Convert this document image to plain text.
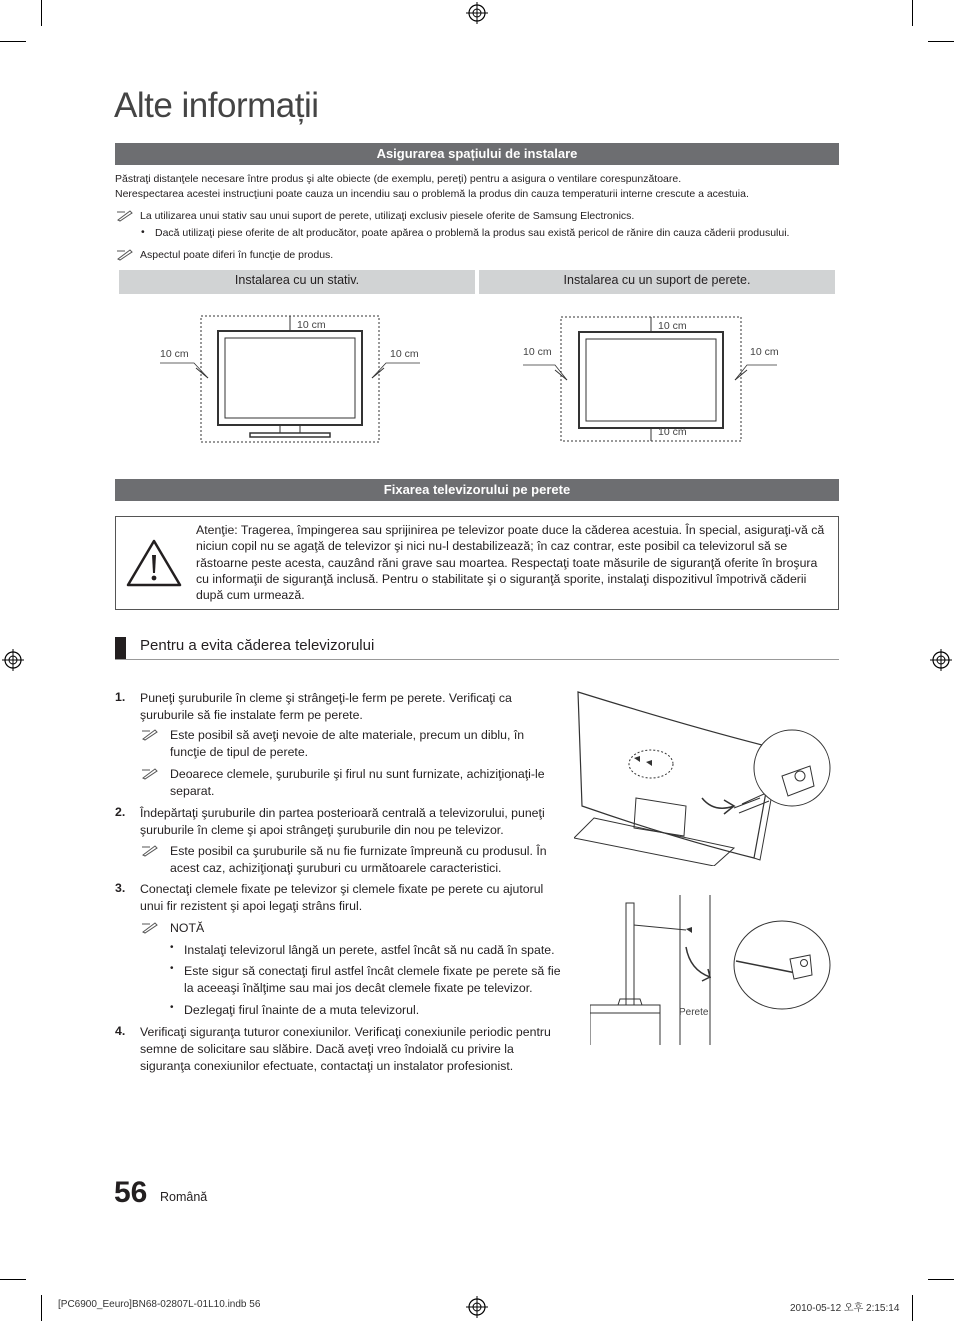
Alte informații
Asigurarea spațiului de instalare
Păstraţi distanţele necesare între produs şi alte obiecte (de exemplu, pereţi) pentru a asigura o ventilare corespunzătoare.
Nerespectarea acestei instrucţiuni poate cauza un incendiu sau o problemă la produs din cauza temperaturii interne crescute a acestuia.
La utilizarea unui stativ sau unui suport de perete, utilizaţi exclusiv piesele oferite de Samsung Electronics.
• Dacă utilizaţi piese oferite de alt producător, poate apărea o problemă la produs sau există pericol de rănire din cauza căderii produsului.
Aspectul poate diferi în funcţie de produs.
Instalarea cu un stativ.	Instalarea cu un suport de perete.
10 cm
10 cm	10 cm
10 cm
10 cm
10 cm	10 cm
Fixarea televizorului pe perete
Atenţie: Tragerea, împingerea sau sprijinirea pe televizor poate duce la căderea acestuia. În special, asiguraţi-vă că niciun copil nu se agaţă de televizor şi nici nu-l destabilizează; în caz contrar, este posibil ca televizorul să se răstoarne peste acesta, cauzând răni grave sau moartea. Respectaţi toate măsurile de siguranţă oferite în broşura cu informaţii de siguranţă inclusă. Pentru o stabilitate şi o siguranţă sporite, instalaţi dispozitivul împotrivă căderii după cum urmează.
Pentru a evita căderea televizorului
1. Puneţi şuruburile în cleme şi strângeţi-le ferm pe perete. Verificaţi ca şuruburile să fie instalate ferm pe perete.
Este posibil să aveţi nevoie de alte materiale, precum un diblu, în funcţie de tipul de perete.
Deoarece clemele, şuruburile şi firul nu sunt furnizate, achiziţionaţi-le separat.
2. Îndepărtaţi şuruburile din partea posterioară centrală a televizorului, puneţi şuruburile în cleme şi apoi strângeţi şuruburile din nou pe televizor.
Este posibil ca şuruburile să nu fie furnizate împreună cu produsul. În acest caz, achiziţionaţi şuruburi cu următoarele caracteristici.
3. Conectaţi clemele fixate pe televizor şi clemele fixate pe perete cu ajutorul unui fir rezistent şi apoi legaţi strâns firul.
NOTĂ
• Instalaţi televizorul lângă un perete, astfel încât să nu cadă în spate.
• Este sigur să conectaţi firul astfel încât clemele fixate pe perete să fie la aceeaşi înălţime sau mai jos decât clemele fixate pe televizor.
• Dezlegaţi firul înainte de a muta televizorul.
4. Verificaţi siguranţa tuturor conexiunilor. Verificaţi conexiunile periodic pentru semne de solicitare sau slăbire. Dacă aveţi vreo îndoială cu privire la siguranţa conexiunilor efectuate, contactaţi un instalator profesionist.
Perete
56 Română
[PC6900_Eeuro]BN68-02807L-01L10.indb 56	2010-05-12 오후 2:15:14
